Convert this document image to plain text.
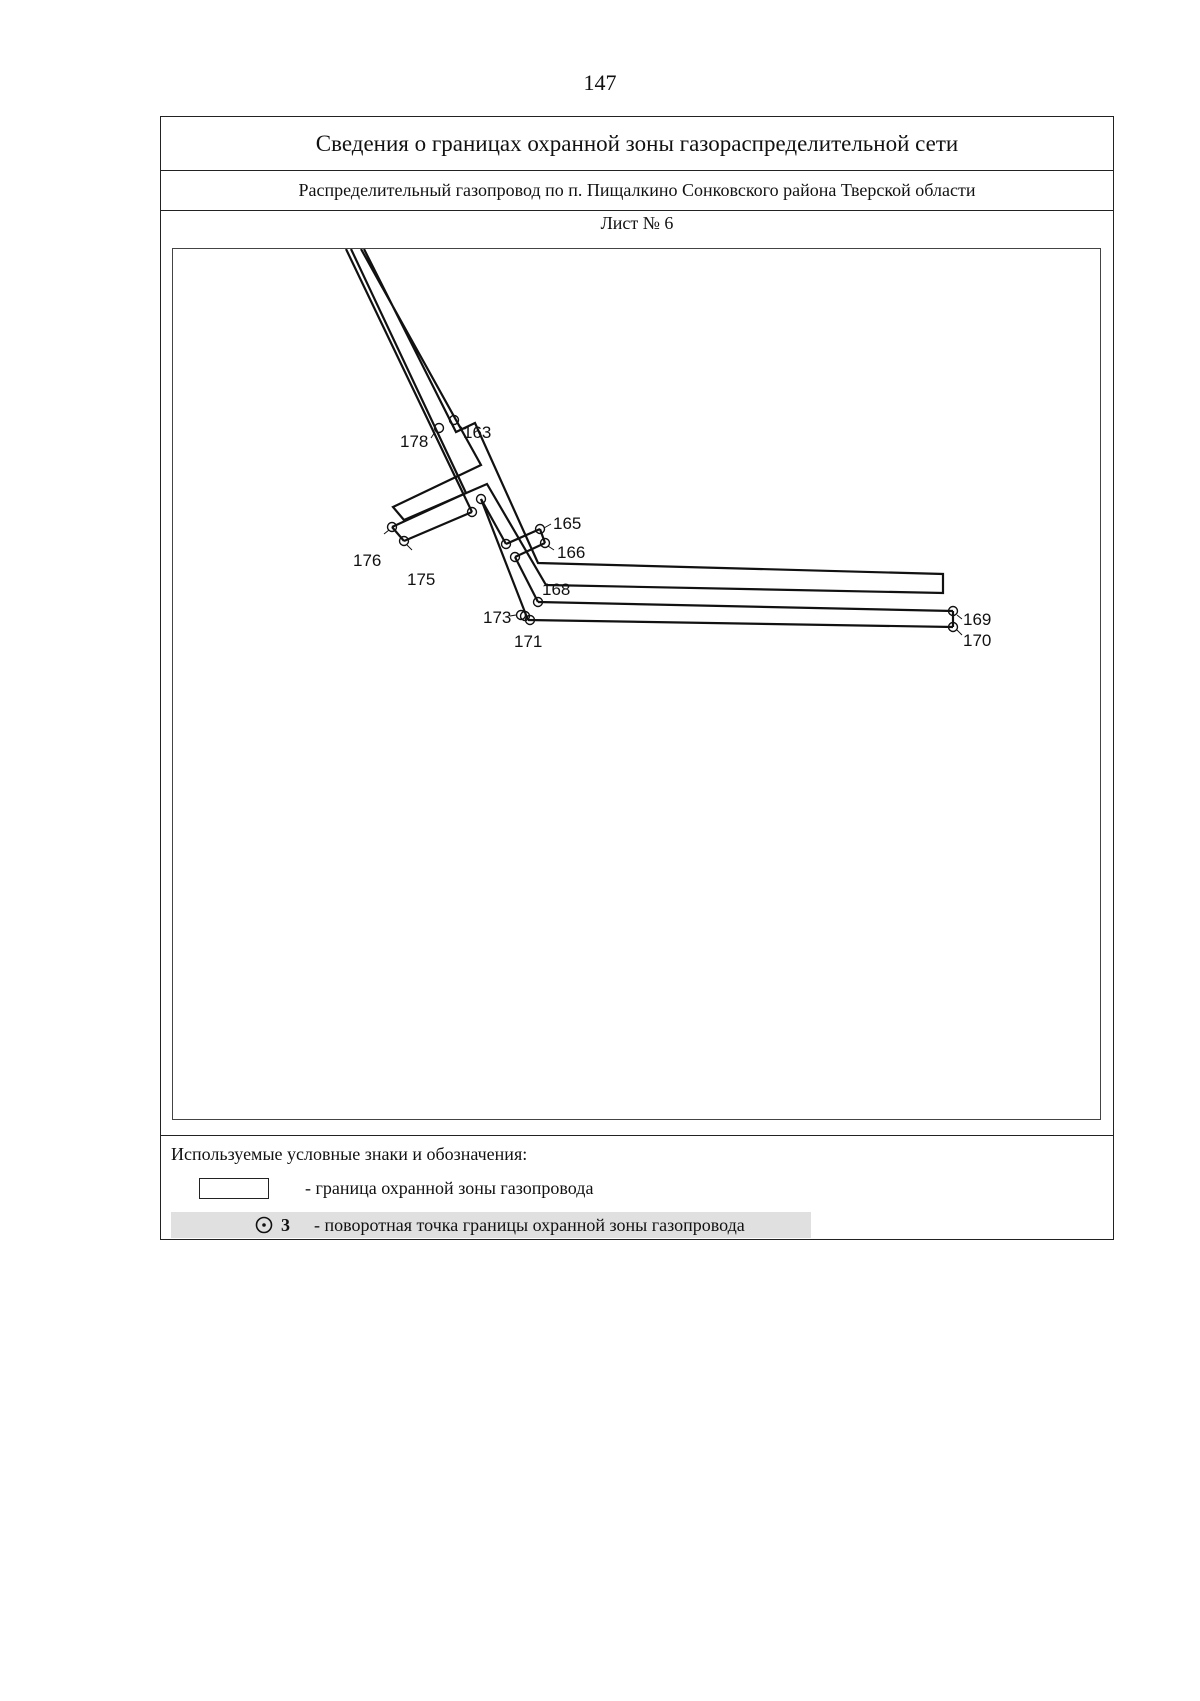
147
Сведения о границах охранной зоны газораспределительной сети
Распределительный газопровод по п. Пищалкино Сонковского района Тверской области
Лист № 6
178 163
165
166
176
175
168
173
171
169
170
Используемые условные знаки и обозначения:
- граница охранной зоны газопровода
3 - поворотная точка границы охранной зоны газопровода
